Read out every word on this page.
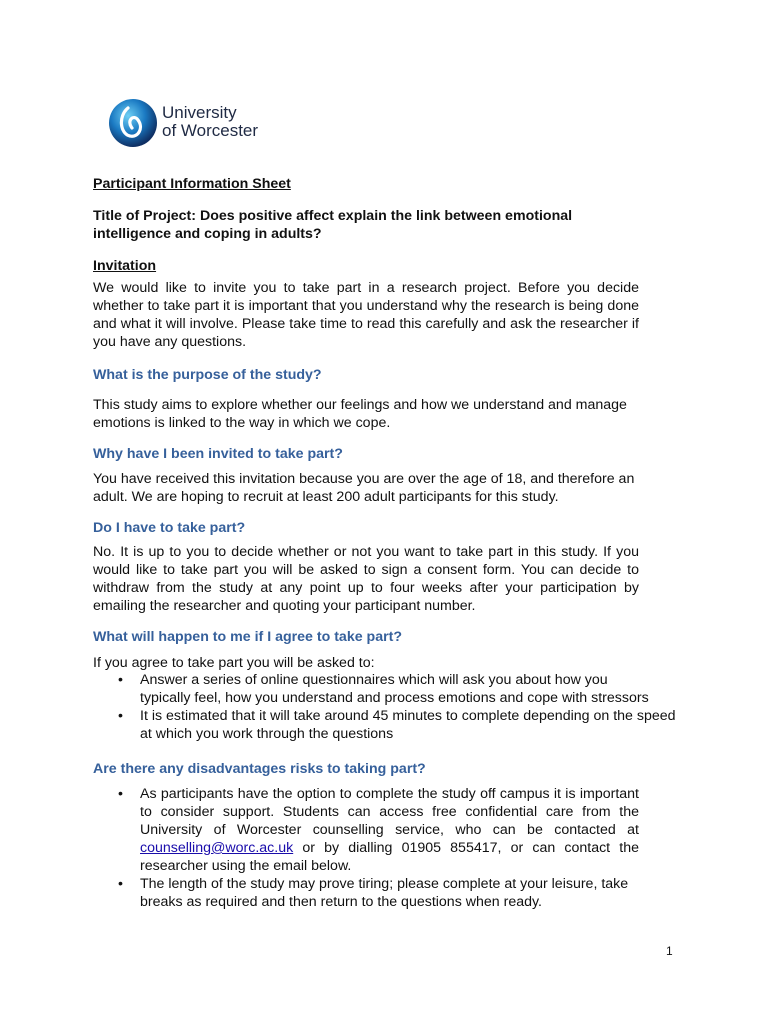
University
of Worcester
Participant Information Sheet
Title of Project: Does positive affect explain the link between emotional intelligence and coping in adults?
Invitation
We would like to invite you to take part in a research project. Before you decide whether to take part it is important that you understand why the research is being done and what it will involve. Please take time to read this carefully and ask the researcher if you have any questions.
What is the purpose of the study?
This study aims to explore whether our feelings and how we understand and manage emotions is linked to the way in which we cope.
Why have I been invited to take part?
You have received this invitation because you are over the age of 18, and therefore an adult. We are hoping to recruit at least 200 adult participants for this study.
Do I have to take part?
No. It is up to you to decide whether or not you want to take part in this study. If you would like to take part you will be asked to sign a consent form. You can decide to withdraw from the study at any point up to four weeks after your participation by emailing the researcher and quoting your participant number.
What will happen to me if I agree to take part?
If you agree to take part you will be asked to:
• Answer a series of online questionnaires which will ask you about how you typically feel, how you understand and process emotions and cope with stressors
• It is estimated that it will take around 45 minutes to complete depending on the speed at which you work through the questions
Are there any disadvantages risks to taking part?
• As participants have the option to complete the study off campus it is important to consider support. Students can access free confidential care from the University of Worcester counselling service, who can be contacted at counselling@worc.ac.uk or by dialling 01905 855417, or can contact the researcher using the email below.
• The length of the study may prove tiring; please complete at your leisure, take breaks as required and then return to the questions when ready.
1
